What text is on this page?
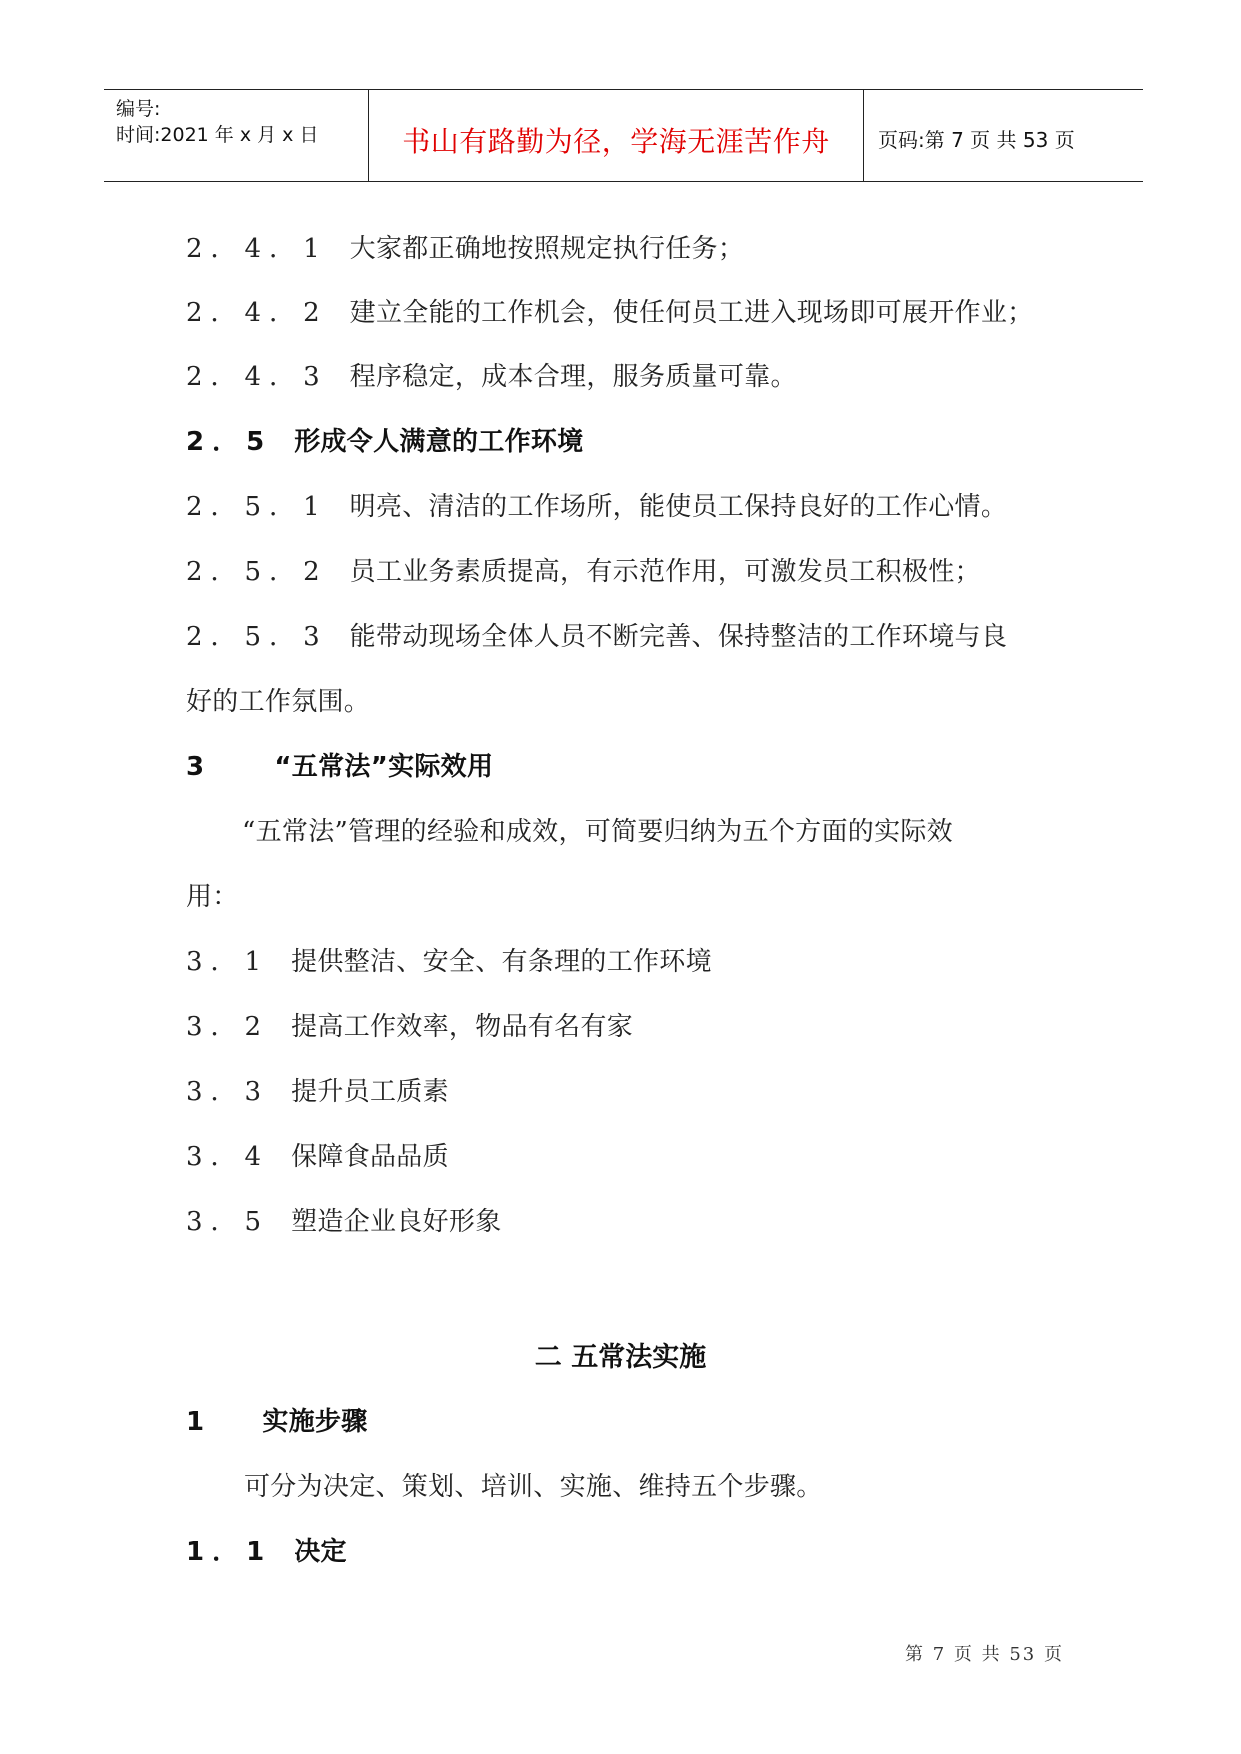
编号:
时间:2021 年 x 月 x 日	书山有路勤为径，学海无涯苦作舟	页码:第 7 页 共 53 页
2．4．1 大家都正确地按照规定执行任务；
2．4．2 建立全能的工作机会，使任何员工进入现场即可展开作业；
2．4．3 程序稳定，成本合理，服务质量可靠。
2．5 形成令人满意的工作环境
2．5．1 明亮、清洁的工作场所，能使员工保持良好的工作心情。
2．5．2 员工业务素质提高，有示范作用，可激发员工积极性；
2．5．3 能带动现场全体人员不断完善、保持整洁的工作环境与良
好的工作氛围。
3	“五常法”实际效用
“五常法”管理的经验和成效，可简要归纳为五个方面的实际效
用：
3．1 提供整洁、安全、有条理的工作环境
3．2 提高工作效率，物品有名有家
3．3 提升员工质素
3．4 保障食品品质
3．5 塑造企业良好形象
二 五常法实施
1 实施步骤
可分为决定、策划、培训、实施、维持五个步骤。
1．1 决定
第 7 页 共 53 页
